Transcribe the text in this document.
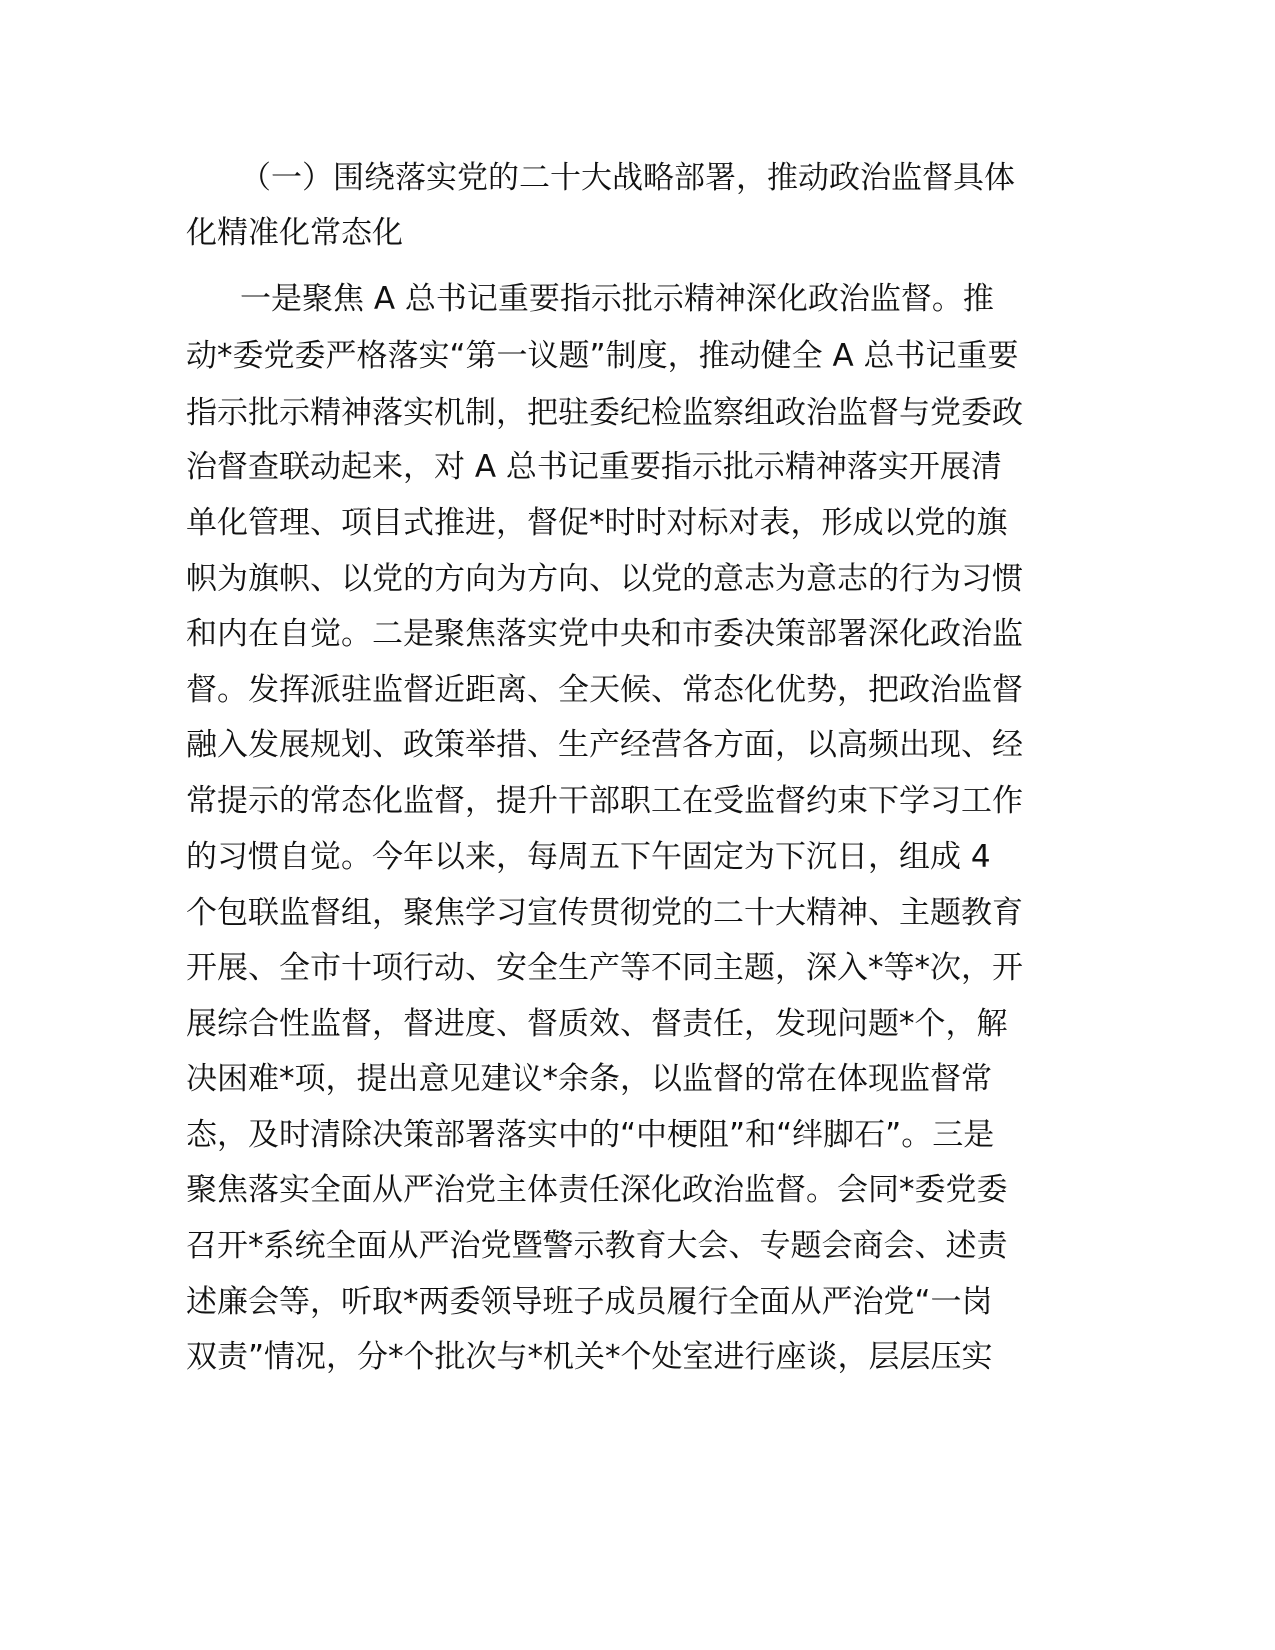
（一）围绕落实党的二十大战略部署，推动政治监督具体
化精准化常态化
一是聚焦 A 总书记重要指示批示精神深化政治监督。推
动*委党委严格落实“第一议题”制度，推动健全 A 总书记重要
指示批示精神落实机制，把驻委纪检监察组政治监督与党委政
治督查联动起来，对 A 总书记重要指示批示精神落实开展清
单化管理、项目式推进，督促*时时对标对表，形成以党的旗
帜为旗帜、以党的方向为方向、以党的意志为意志的行为习惯
和内在自觉。二是聚焦落实党中央和市委决策部署深化政治监
督。发挥派驻监督近距离、全天候、常态化优势，把政治监督
融入发展规划、政策举措、生产经营各方面，以高频出现、经
常提示的常态化监督，提升干部职工在受监督约束下学习工作
的习惯自觉。今年以来，每周五下午固定为下沉日，组成 4
个包联监督组，聚焦学习宣传贯彻党的二十大精神、主题教育
开展、全市十项行动、安全生产等不同主题，深入*等*次，开
展综合性监督，督进度、督质效、督责任，发现问题*个，解
决困难*项，提出意见建议*余条，以监督的常在体现监督常
态，及时清除决策部署落实中的“中梗阻”和“绊脚石”。三是
聚焦落实全面从严治党主体责任深化政治监督。会同*委党委
召开*系统全面从严治党暨警示教育大会、专题会商会、述责
述廉会等，听取*两委领导班子成员履行全面从严治党“一岗
双责”情况，分*个批次与*机关*个处室进行座谈，层层压实
